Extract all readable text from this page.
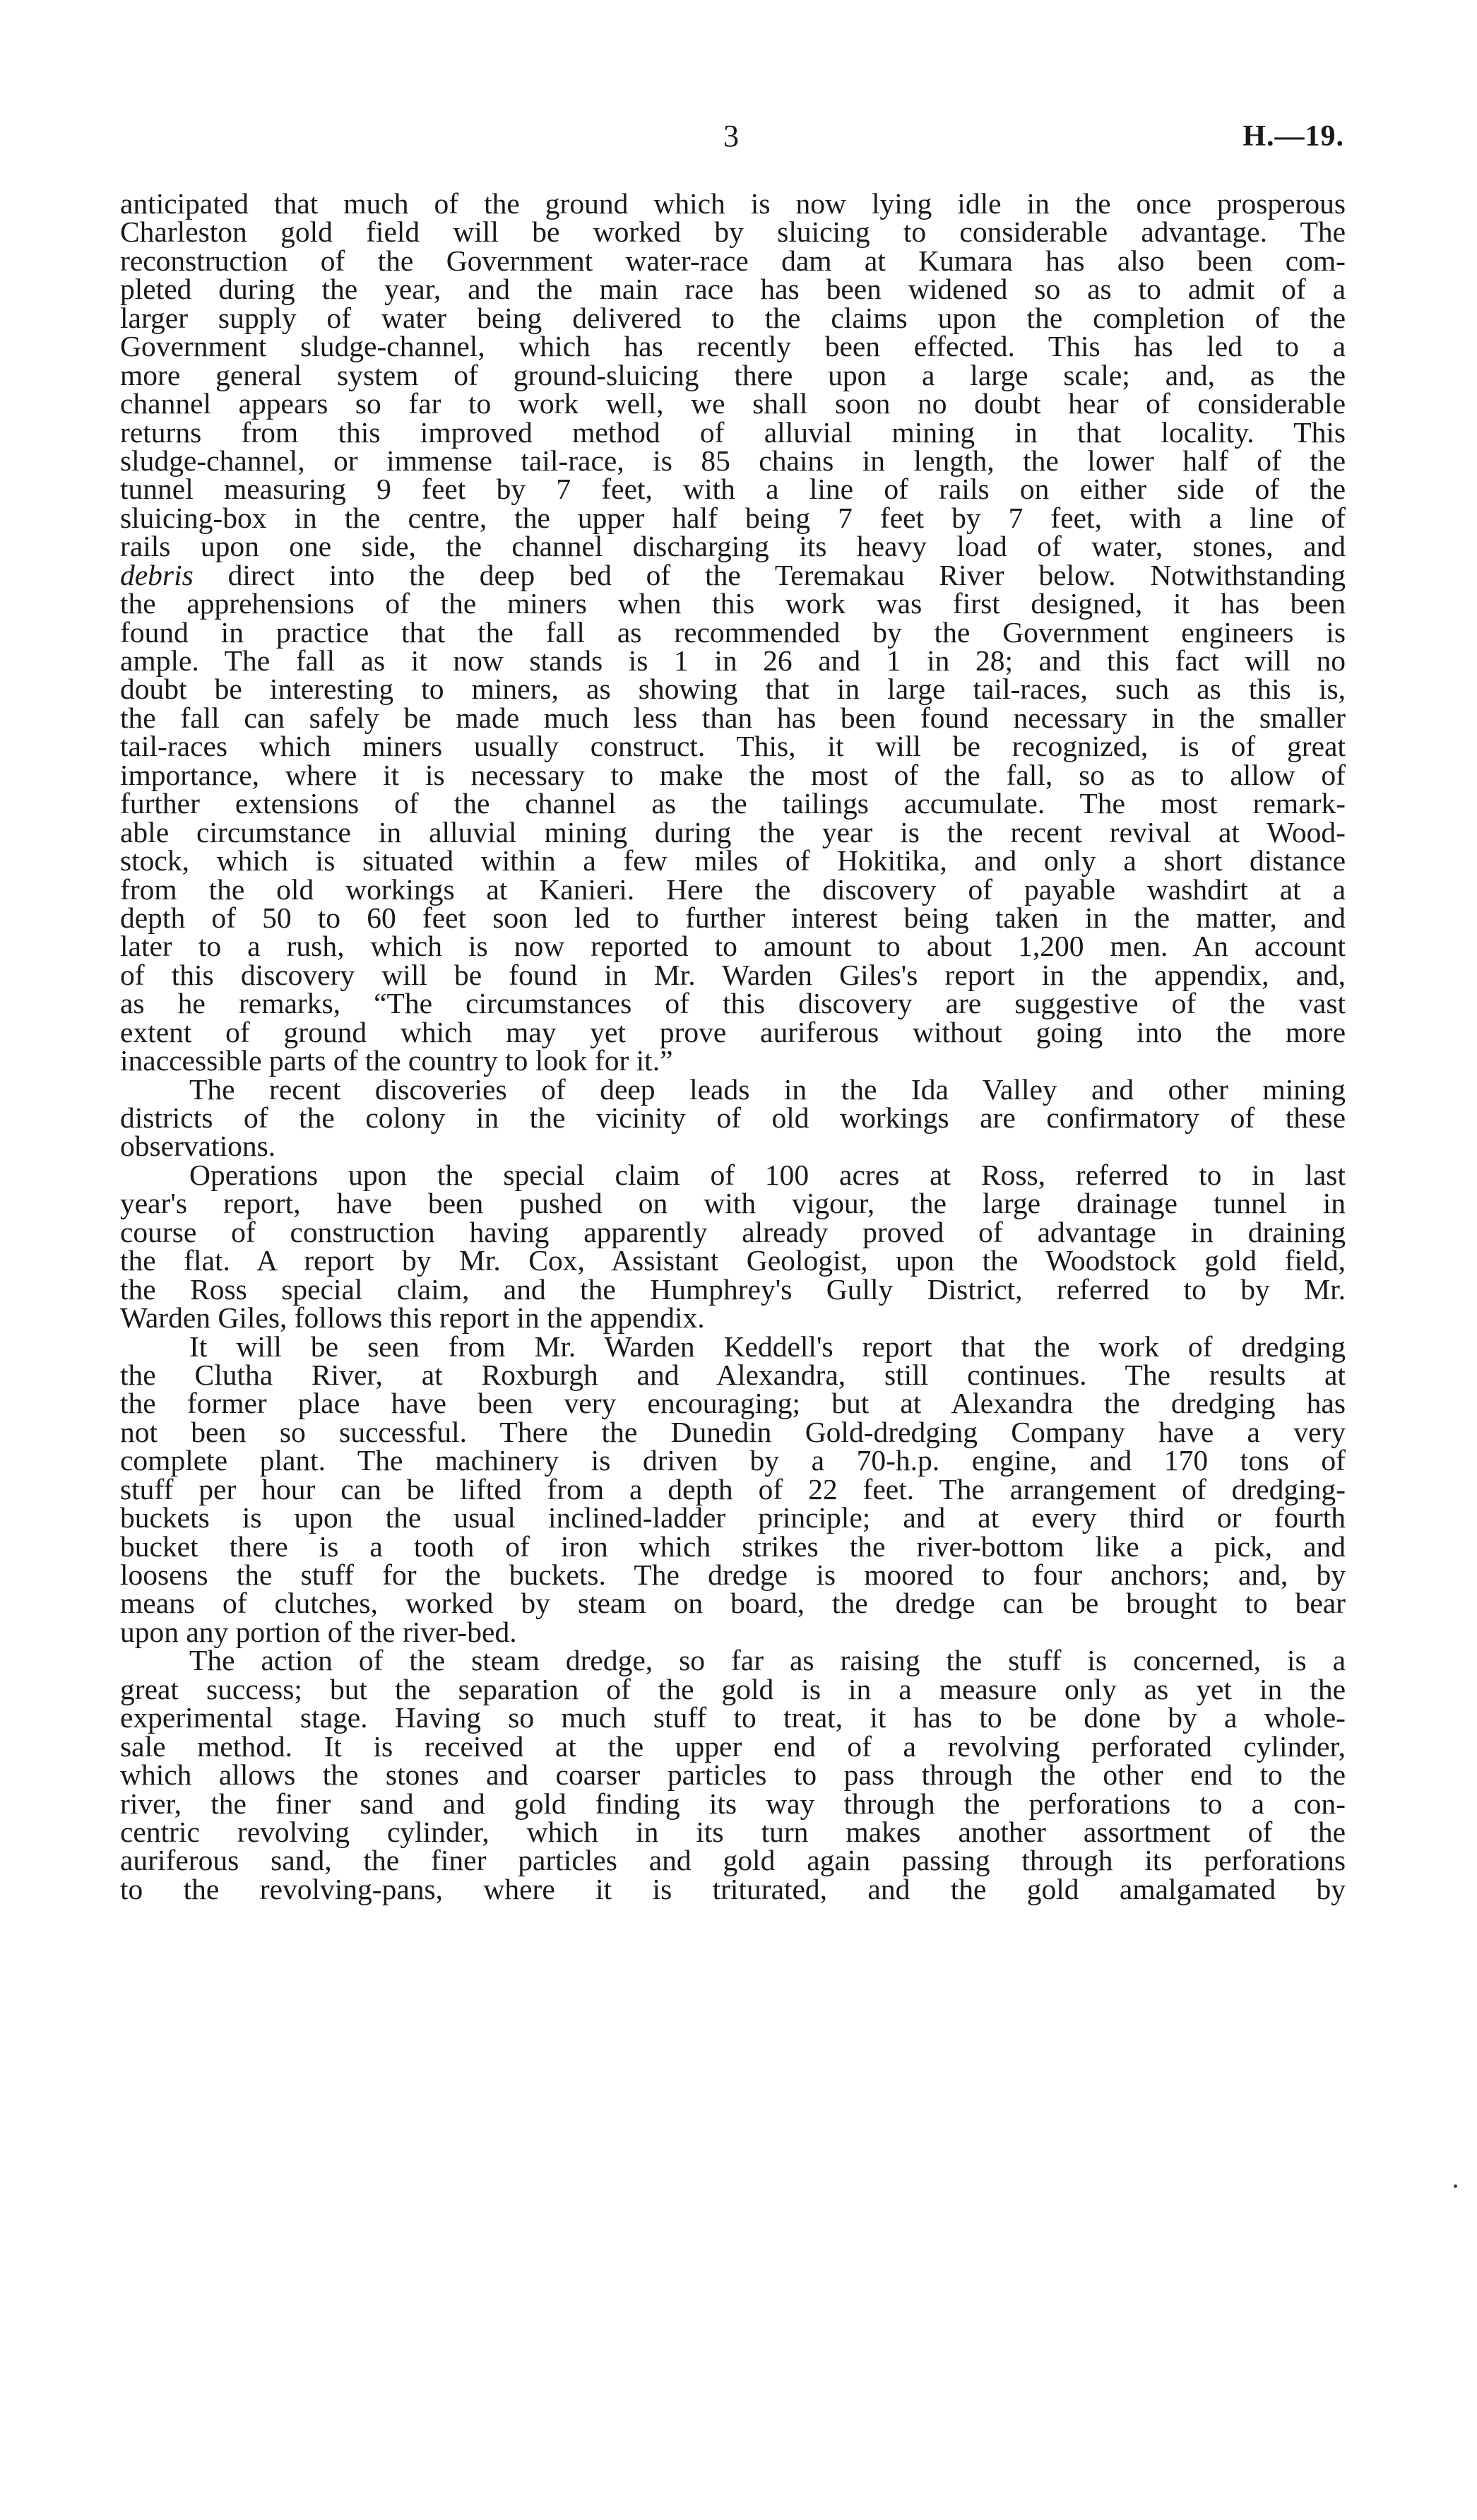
3	H.—19.
anticipated that much of the ground which is now lying idle in the once prosperous
Charleston gold field will be worked by sluicing to considerable advantage. The
reconstruction of the Government water-race dam at Kumara has also been com-
pleted during the year, and the main race has been widened so as to admit of a
larger supply of water being delivered to the claims upon the completion of the
Government sludge-channel, which has recently been effected. This has led to a
more general system of ground-sluicing there upon a large scale; and, as the
channel appears so far to work well, we shall soon no doubt hear of considerable
returns from this improved method of alluvial mining in that locality. This
sludge-channel, or immense tail-race, is 85 chains in length, the lower half of the
tunnel measuring 9 feet by 7 feet, with a line of rails on either side of the
sluicing-box in the centre, the upper half being 7 feet by 7 feet, with a line of
rails upon one side, the channel discharging its heavy load of water, stones, and
debris direct into the deep bed of the Teremakau River below. Notwithstanding
the apprehensions of the miners when this work was first designed, it has been
found in practice that the fall as recommended by the Government engineers is
ample. The fall as it now stands is 1 in 26 and 1 in 28; and this fact will no
doubt be interesting to miners, as showing that in large tail-races, such as this is,
the fall can safely be made much less than has been found necessary in the smaller
tail-races which miners usually construct. This, it will be recognized, is of great
importance, where it is necessary to make the most of the fall, so as to allow of
further extensions of the channel as the tailings accumulate. The most remark-
able circumstance in alluvial mining during the year is the recent revival at Wood-
stock, which is situated within a few miles of Hokitika, and only a short distance
from the old workings at Kanieri. Here the discovery of payable washdirt at a
depth of 50 to 60 feet soon led to further interest being taken in the matter, and
later to a rush, which is now reported to amount to about 1,200 men. An account
of this discovery will be found in Mr. Warden Giles's report in the appendix, and,
as he remarks, “The circumstances of this discovery are suggestive of the vast
extent of ground which may yet prove auriferous without going into the more
inaccessible parts of the country to look for it.”
The recent discoveries of deep leads in the Ida Valley and other mining
districts of the colony in the vicinity of old workings are confirmatory of these
observations.
Operations upon the special claim of 100 acres at Ross, referred to in last
year's report, have been pushed on with vigour, the large drainage tunnel in
course of construction having apparently already proved of advantage in draining
the flat. A report by Mr. Cox, Assistant Geologist, upon the Woodstock gold field,
the Ross special claim, and the Humphrey's Gully District, referred to by Mr.
Warden Giles, follows this report in the appendix.
It will be seen from Mr. Warden Keddell's report that the work of dredging
the Clutha River, at Roxburgh and Alexandra, still continues. The results at
the former place have been very encouraging; but at Alexandra the dredging has
not been so successful. There the Dunedin Gold-dredging Company have a very
complete plant. The machinery is driven by a 70-h.p. engine, and 170 tons of
stuff per hour can be lifted from a depth of 22 feet. The arrangement of dredging-
buckets is upon the usual inclined-ladder principle; and at every third or fourth
bucket there is a tooth of iron which strikes the river-bottom like a pick, and
loosens the stuff for the buckets. The dredge is moored to four anchors; and, by
means of clutches, worked by steam on board, the dredge can be brought to bear
upon any portion of the river-bed.
The action of the steam dredge, so far as raising the stuff is concerned, is a
great success; but the separation of the gold is in a measure only as yet in the
experimental stage. Having so much stuff to treat, it has to be done by a whole-
sale method. It is received at the upper end of a revolving perforated cylinder,
which allows the stones and coarser particles to pass through the other end to the
river, the finer sand and gold finding its way through the perforations to a con-
centric revolving cylinder, which in its turn makes another assortment of the
auriferous sand, the finer particles and gold again passing through its perforations
to the revolving-pans, where it is triturated, and the gold amalgamated by
